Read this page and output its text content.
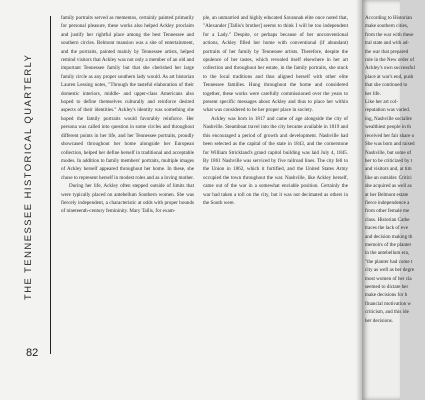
THE TENNESSEE HISTORICAL QUARTERLY
82

family portraits served as mementos, certainly painted primarily for personal pleasure, these works also helped Ackley proclaim and justify her rightful place among the best Tennessee and southern circles. Belmont mansion was a site of entertainment, and the portraits, painted mainly by Tennessee artists, helped remind visitors that Ackley was not only a member of an old and important Tennessee family but that she cherished her large family circle as any proper southern lady would. As art historian Lauren Lessing notes, "Through the tasteful elaboration of their domestic interiors, middle- and upper-class Americans also hoped to define themselves culturally and reinforce desired aspects of their identities." Ackley's identity was something she hoped the family portraits would favorably reinforce. Her persona was called into question in some circles and throughout different points in her life, and her Tennessee portraits, proudly showcased throughout her home alongside her European collection, helped her define herself in traditional and acceptable modes. In addition to family members' portraits, multiple images of Ackley herself appeared throughout her home. In these, she chose to represent herself in modest roles and as a loving mother.

During her life, Ackley often stepped outside of limits that were typically placed on antebellum Southern women. She was fiercely independent, a characteristic at odds with proper bounds of nineteenth-century femininity. Mary Tallis, for exam-

ple, an unmarried and highly educated Savannah elite once noted that, "Alexander [Tallis's brother] seems to think I will be too independent for a Lady." Despite, or perhaps because of her unconventional actions, Ackley filled her home with conventional (if abundant) portraits of her family by Tennessee artists. Therefore, despite the opulence of her tastes, which revealed itself elsewhere in her art collection and throughout her estate, in the family portraits, she stuck to the local traditions and thus aligned herself with other elite Tennessee families. Hung throughout the home and considered together, these works were carefully commissioned over the years to present specific messages about Ackley and thus to place her within what was considered to be her proper place in society.

Ackley was born in 1817 and came of age alongside the city of Nashville. Steamboat travel into the city became available in 1819 and this encouraged a period of growth and development. Nashville had been selected as the capital of the state in 1843, and the cornerstone for William Strickland's grand capitol building was laid July 4, 1845. By 1861 Nashville was serviced by five railroad lines. The city fell to the Union in 1862, which it fortified, and the United States Army occupied the town throughout the war. Nashville, like Ackley herself, came out of the war in a somewhat enviable position. Certainly the war had taken a toll on the city, but it was not decimated as others in the South were.

According to Historian
make southern cities,
from the war with these
tral state and with ad-
the war that prepared
role in the New order of
Ackley's own successful
place at war's end, push
that she continued to
her life.
Like her art col-
reputation was varied.
ing, Nashville socialite
wealthiest people in th
received her fair share o
She was born and raised
Nashville, but some of
her to be criticized by t
and visitors and, at tim
like an outsider. Critici
she acquired as well as
at her Belmont estate
fierce independence a
from other female me
class. Historian Cathe
traces the lack of eve
and decision making th
memoirs of the planter
in the antebellum era,
"the planter had come t
city as well as her degre
most women of her cla
seemed to dictate her
make decisions for h
financial motivation w
criticism, and this ide
her decisions.
